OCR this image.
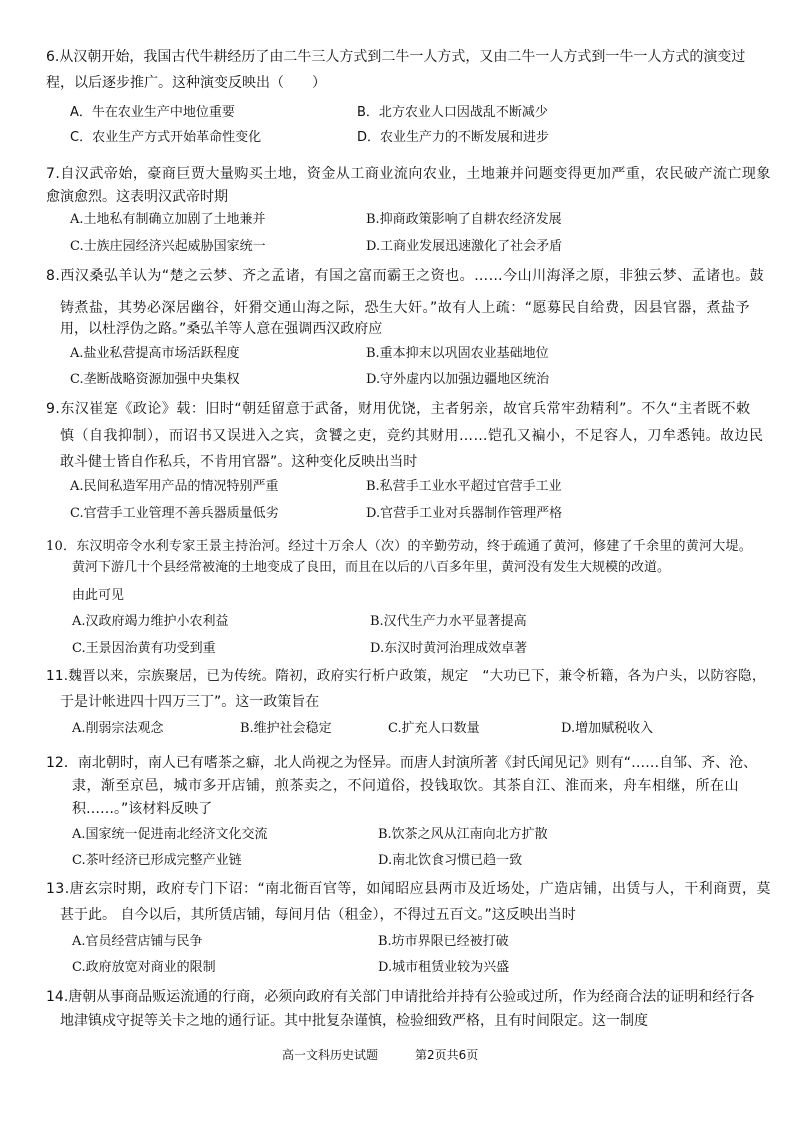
6.从汉朝开始，我国古代牛耕经历了由二牛三人方式到二牛一人方式，又由二牛一人方式到一牛一人方式的演变过
程，以后逐步推广。这种演变反映出（　　）
A．牛在农业生产中地位重要	B．北方农业人口因战乱不断减少
C．农业生产方式开始革命性变化	D．农业生产力的不断发展和进步
7.自汉武帝始，豪商巨贾大量购买土地，资金从工商业流向农业，土地兼并问题变得更加严重，农民破产流亡现象
愈演愈烈。这表明汉武帝时期
A.土地私有制确立加剧了土地兼并	B.抑商政策影响了自耕农经济发展
C.士族庄园经济兴起威胁国家统一	D.工商业发展迅速激化了社会矛盾
8.西汉桑弘羊认为“楚之云梦、齐之孟诸，有国之富而霸王之资也。……今山川海泽之原，非独云梦、孟诸也。鼓
铸煮盐，其势必深居幽谷，奸猾交通山海之际，恐生大奸。”故有人上疏：“愿募民自给费，因县官器，煮盐予
用，以杜浮伪之路。”桑弘羊等人意在强调西汉政府应
A.盐业私营提高市场活跃程度	B.重本抑末以巩固农业基础地位
C.垄断战略资源加强中央集权	D.守外虚内以加强边疆地区统治
9.东汉崔寔《政论》载：旧时“朝廷留意于武备，财用优饶，主者躬亲，故官兵常牢劲精利”。不久“主者既不敕
慎（自我抑制），而诏书又误进入之宾，贪饕之吏，竞约其财用……铠孔又褊小，不足容人，刀牟悉钝。故边民
敢斗健士皆自作私兵，不肯用官器”。这种变化反映出当时
A.民间私造军用产品的情况特别严重	B.私营手工业水平超过官营手工业
C.官营手工业管理不善兵器质量低劣	D.官营手工业对兵器制作管理严格
10．东汉明帝令水利专家王景主持治河。经过十万余人（次）的辛勤劳动，终于疏通了黄河，修建了千余里的黄河大堤。
黄河下游几十个县经常被淹的土地变成了良田，而且在以后的八百多年里，黄河没有发生大规模的改道。
由此可见
A.汉政府竭力维护小农利益	B.汉代生产力水平显著提高
C.王景因治黄有功受到重	D.东汉时黄河治理成效卓著
11.魏晋以来，宗族聚居，已为传统。隋初，政府实行析户政策，规定　“大功已下，兼令析籍，各为户头，以防容隐，
于是计帐进四十四万三丁”。这一政策旨在
A.削弱宗法观念	B.维护社会稳定	C.扩充人口数量	D.增加赋税收入
12．南北朝时，南人已有嗜茶之癖，北人尚视之为怪异。而唐人封演所著《封氏闻见记》则有“……自邹、齐、沧、
隶，渐至京邑，城市多开店铺，煎茶卖之，不问道俗，投钱取饮。其茶自江、淮而来，舟车相继，所在山
积……。”该材料反映了
A.国家统一促进南北经济文化交流	B.饮茶之风从江南向北方扩散
C.茶叶经济已形成完整产业链	D.南北饮食习惯已趋一致
13.唐玄宗时期，政府专门下诏：“南北衙百官等，如闻昭应县两市及近场处，广造店铺，出赁与人，干利商贾，莫
甚于此。 自今以后，其所赁店铺，每间月估（租金），不得过五百文。”这反映出当时
A.官员经营店铺与民争	B.坊市界限已经被打破
C.政府放宽对商业的限制	D.城市租赁业较为兴盛
14.唐朝从事商品贩运流通的行商，必须向政府有关部门申请批给并持有公验或过所，作为经商合法的证明和经行各
地津镇戍守捉等关卡之地的通行证。其中批复杂谨慎，检验细致严格，且有时间限定。这一制度
高一文科历史试题	第2页共6页
